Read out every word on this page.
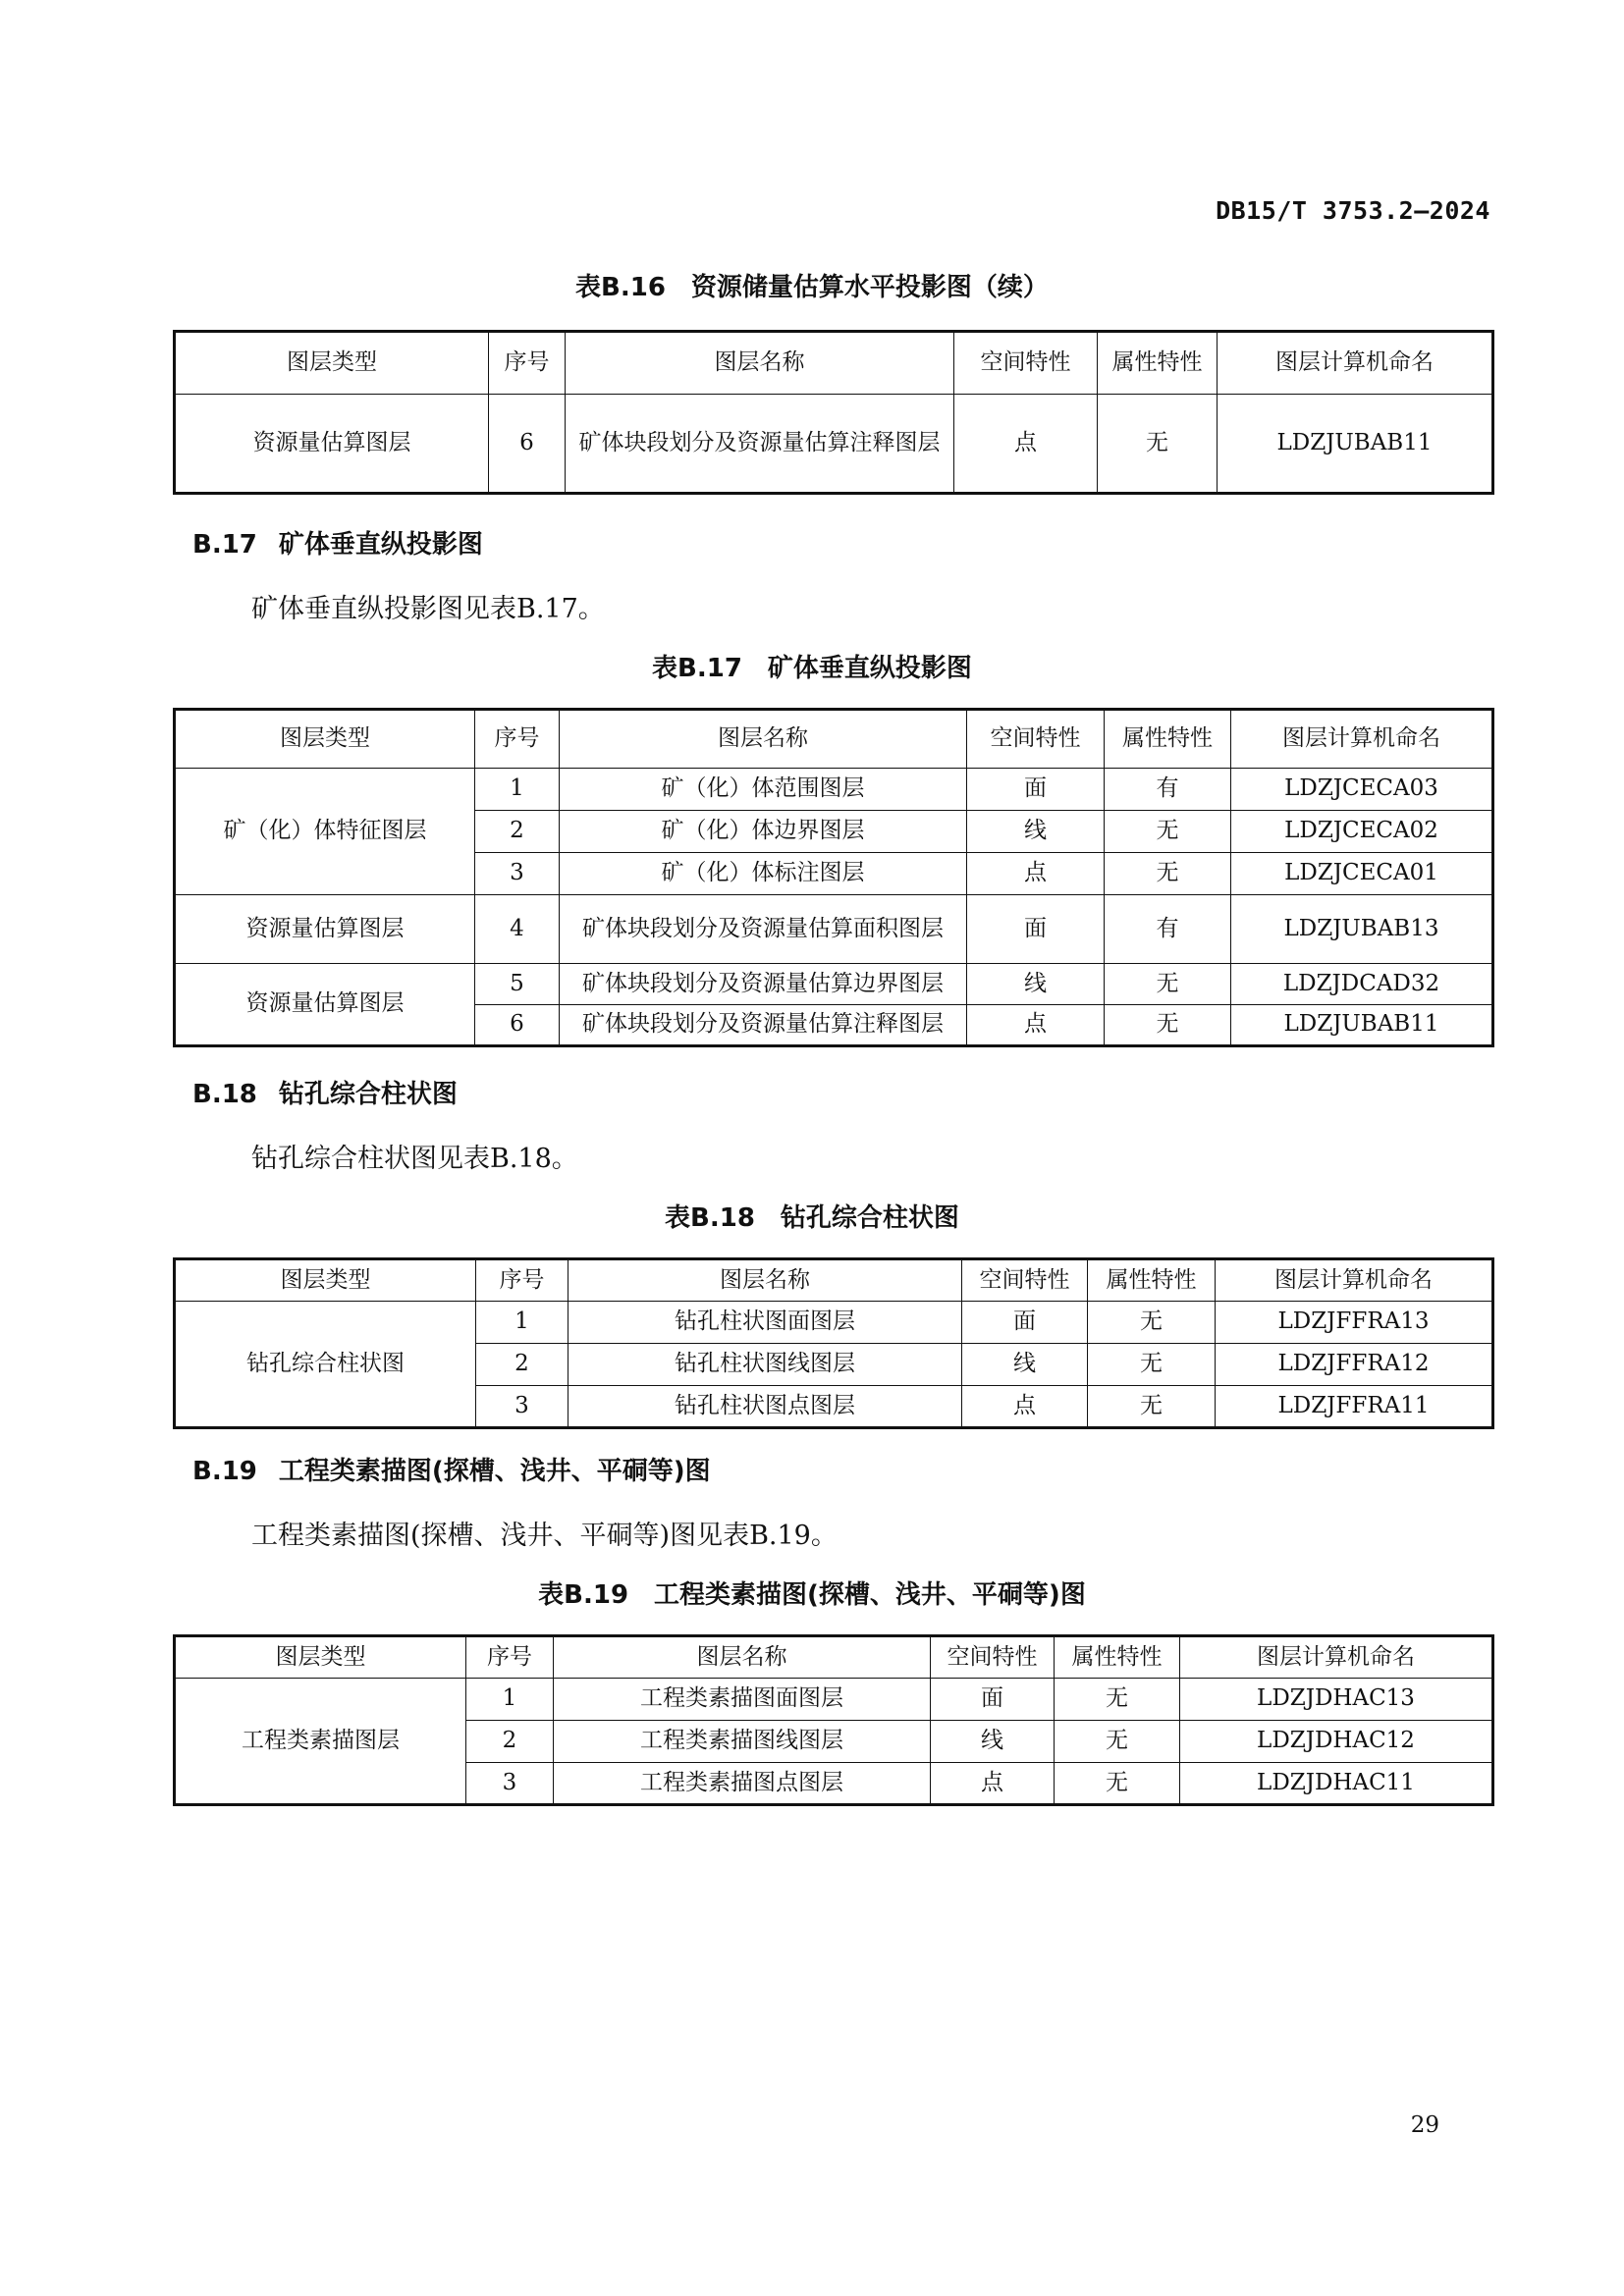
DB15/T 3753.2—2024
表B.16　资源储量估算水平投影图（续）
图层类型	序号	图层名称	空间特性	属性特性	图层计算机命名
资源量估算图层	6	矿体块段划分及资源量估算注释图层	点	无	LDZJUBAB11
B.17 矿体垂直纵投影图
矿体垂直纵投影图见表B.17。
表B.17　矿体垂直纵投影图
图层类型	序号	图层名称	空间特性	属性特性	图层计算机命名
矿（化）体特征图层	1	矿（化）体范围图层	面	有	LDZJCECA03
	2	矿（化）体边界图层	线	无	LDZJCECA02
	3	矿（化）体标注图层	点	无	LDZJCECA01
资源量估算图层	4	矿体块段划分及资源量估算面积图层	面	有	LDZJUBAB13
资源量估算图层	5	矿体块段划分及资源量估算边界图层	线	无	LDZJDCAD32
	6	矿体块段划分及资源量估算注释图层	点	无	LDZJUBAB11
B.18 钻孔综合柱状图
钻孔综合柱状图见表B.18。
表B.18　钻孔综合柱状图
图层类型	序号	图层名称	空间特性	属性特性	图层计算机命名
钻孔综合柱状图	1	钻孔柱状图面图层	面	无	LDZJFFRA13
	2	钻孔柱状图线图层	线	无	LDZJFFRA12
	3	钻孔柱状图点图层	点	无	LDZJFFRA11
B.19 工程类素描图(探槽、浅井、平硐等)图
工程类素描图(探槽、浅井、平硐等)图见表B.19。
表B.19　工程类素描图(探槽、浅井、平硐等)图
图层类型	序号	图层名称	空间特性	属性特性	图层计算机命名
工程类素描图层	1	工程类素描图面图层	面	无	LDZJDHAC13
	2	工程类素描图线图层	线	无	LDZJDHAC12
	3	工程类素描图点图层	点	无	LDZJDHAC11
29
